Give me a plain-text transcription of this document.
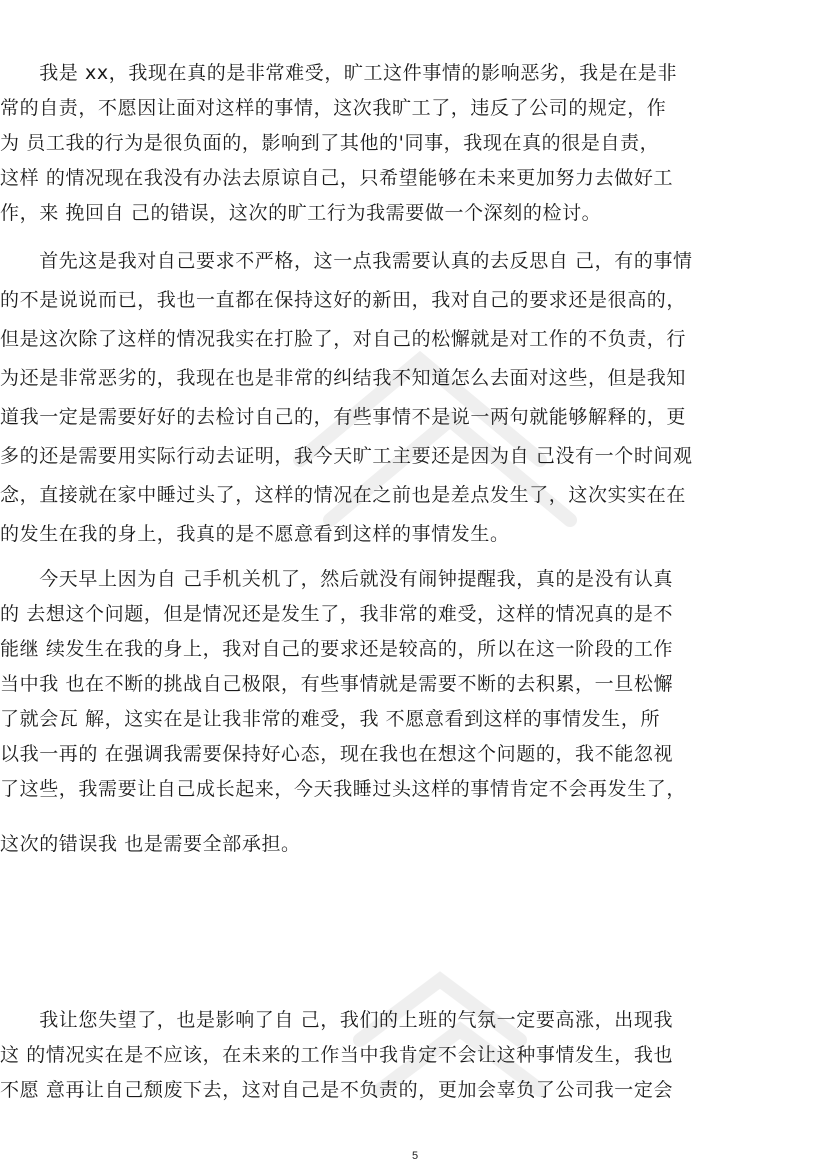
　　我是 xx，我现在真的是非常难受，旷工这件事情的影响恶劣，我是在是非

常的自责，不愿因让面对这样的事情，这次我旷工了，违反了公司的规定，作

为 员工我的行为是很负面的，影响到了其他的'同事，我现在真的很是自责，

这样 的情况现在我没有办法去原谅自己，只希望能够在未来更加努力去做好工

作，来 挽回自 己的错误，这次的旷工行为我需要做一个深刻的检讨。

　　首先这是我对自己要求不严格，这一点我需要认真的去反思自 己，有的事情

的不是说说而已，我也一直都在保持这好的新田，我对自己的要求还是很高的，

但是这次除了这样的情况我实在打脸了，对自己的松懈就是对工作的不负责，行

为还是非常恶劣的，我现在也是非常的纠结我不知道怎么去面对这些，但是我知

道我一定是需要好好的去检讨自己的，有些事情不是说一两句就能够解释的，更

多的还是需要用实际行动去证明，我今天旷工主要还是因为自 己没有一个时间观

念，直接就在家中睡过头了，这样的情况在之前也是差点发生了，这次实实在在

的发生在我的身上，我真的是不愿意看到这样的事情发生。

　　今天早上因为自 己手机关机了，然后就没有闹钟提醒我，真的是没有认真

的 去想这个问题，但是情况还是发生了，我非常的难受，这样的情况真的是不

能继 续发生在我的身上，我对自己的要求还是较高的，所以在这一阶段的工作

当中我 也在不断的挑战自己极限，有些事情就是需要不断的去积累，一旦松懈

了就会瓦 解，这实在是让我非常的难受，我 不愿意看到这样的事情发生，所

以我一再的 在强调我需要保持好心态，现在我也在想这个问题的，我不能忽视

了这些，我需要让自己成长起来，今天我睡过头这样的事情肯定不会再发生了，

这次的错误我 也是需要全部承担。

　　我让您失望了，也是影响了自 己，我们的上班的气氛一定要高涨，出现我

这 的情况实在是不应该，在未来的工作当中我肯定不会让这种事情发生，我也

不愿 意再让自己颓废下去，这对自己是不负责的，更加会辜负了公司我一定会

5
